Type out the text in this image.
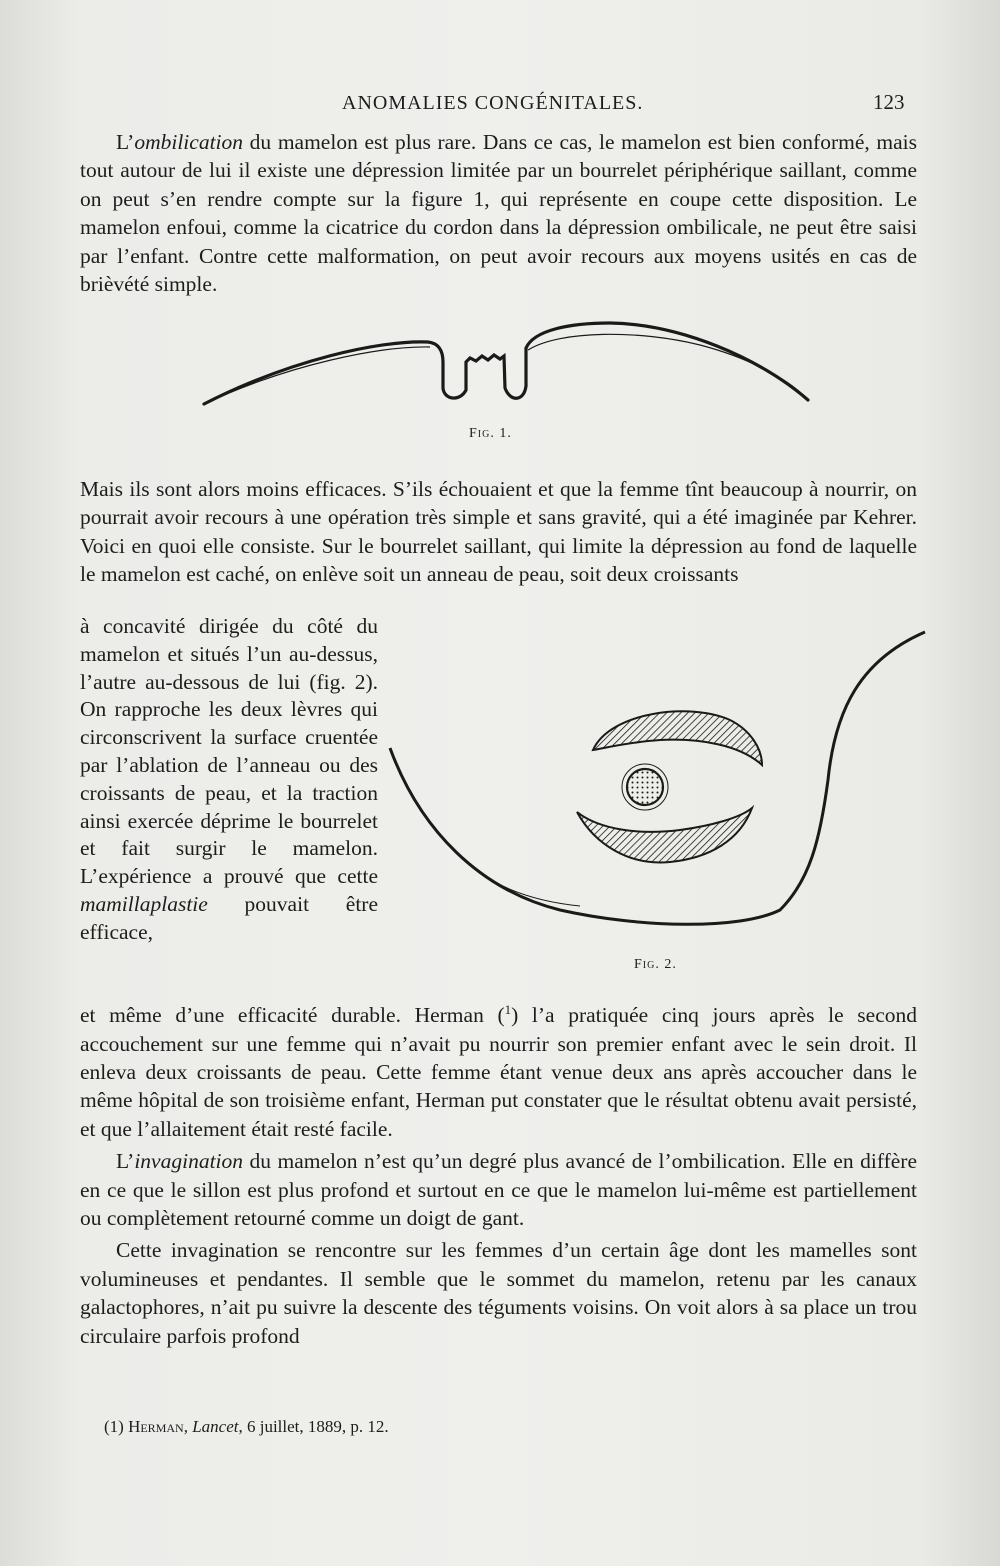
ANOMALIES CONGÉNITALES.	123

L’ombilication du mamelon est plus rare. Dans ce cas, le mamelon est bien conformé, mais tout autour de lui il existe une dépression limitée par un bourrelet périphérique saillant, comme on peut s’en rendre compte sur la figure 1, qui représente en coupe cette disposition. Le mamelon enfoui, comme la cicatrice du cordon dans la dépression ombilicale, ne peut être saisi par l’enfant. Contre cette malformation, on peut avoir recours aux moyens usités en cas de brièvété simple.

Fig. 1.

Mais ils sont alors moins efficaces. S’ils échouaient et que la femme tînt beaucoup à nourrir, on pourrait avoir recours à une opération très simple et sans gravité, qui a été imaginée par Kehrer. Voici en quoi elle consiste. Sur le bourrelet saillant, qui limite la dépression au fond de laquelle le mamelon est caché, on enlève soit un anneau de peau, soit deux croissants

à concavité dirigée du côté du mamelon et situés l’un au-dessus, l’autre au-dessous de lui (fig. 2). On rapproche les deux lèvres qui circonscrivent la surface cruentée par l’ablation de l’anneau ou des croissants de peau, et la traction ainsi exercée déprime le bourrelet et fait surgir le mamelon. L’expérience a prouvé que cette mamillaplastie pouvait être efficace,
Fig. 2.

et même d’une efficacité durable. Herman ($^1$) l’a pratiquée cinq jours après le second accouchement sur une femme qui n’avait pu nourrir son premier enfant avec le sein droit. Il enleva deux croissants de peau. Cette femme étant venue deux ans après accoucher dans le même hôpital de son troisième enfant, Herman put constater que le résultat obtenu avait persisté, et que l’allaitement était resté facile.

L’invagination du mamelon n’est qu’un degré plus avancé de l’ombilication. Elle en diffère en ce que le sillon est plus profond et surtout en ce que le mamelon lui-même est partiellement ou complètement retourné comme un doigt de gant.

Cette invagination se rencontre sur les femmes d’un certain âge dont les mamelles sont volumineuses et pendantes. Il semble que le sommet du mamelon, retenu par les canaux galactophores, n’ait pu suivre la descente des téguments voisins. On voit alors à sa place un trou circulaire parfois profond

(1) Herman, Lancet, 6 juillet, 1889, p. 12.
